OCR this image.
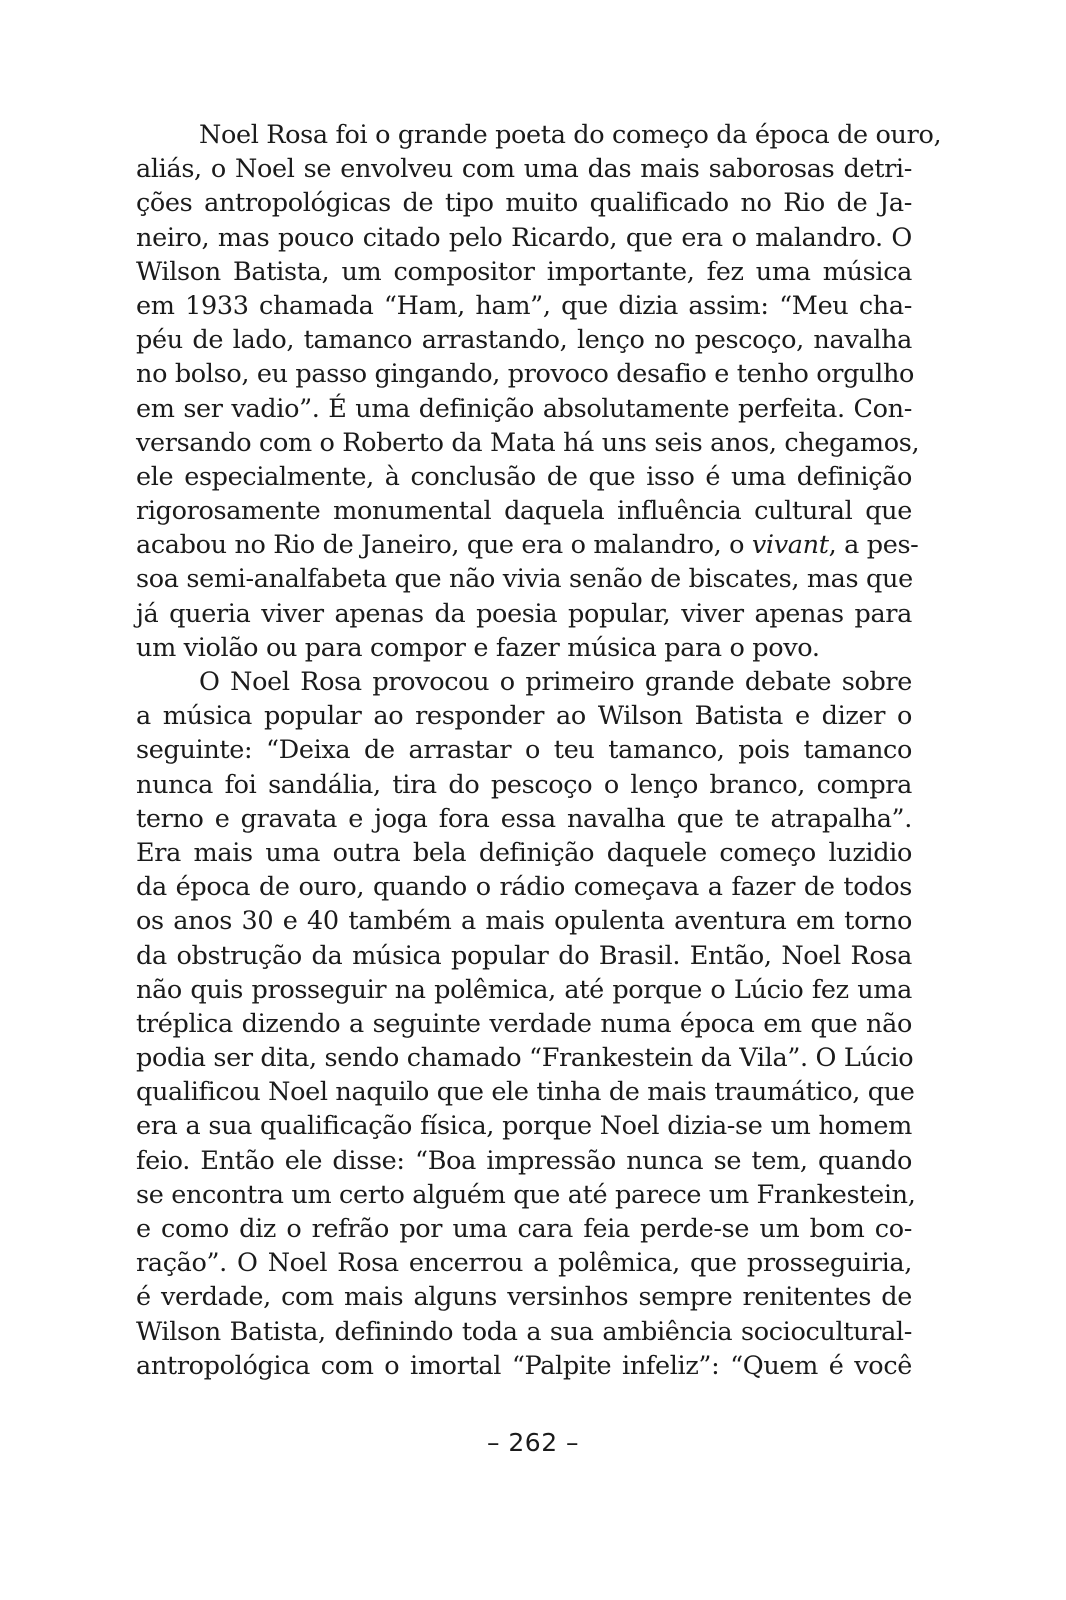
Noel Rosa foi o grande poeta do começo da época de ouro,
aliás, o Noel se envolveu com uma das mais saborosas detri-
ções antropológicas de tipo muito qualificado no Rio de Ja-
neiro, mas pouco citado pelo Ricardo, que era o malandro. O
Wilson Batista, um compositor importante, fez uma música
em 1933 chamada “Ham, ham”, que dizia assim: “Meu cha-
péu de lado, tamanco arrastando, lenço no pescoço, navalha
no bolso, eu passo gingando, provoco desafio e tenho orgulho
em ser vadio”. É uma definição absolutamente perfeita. Con-
versando com o Roberto da Mata há uns seis anos, chegamos,
ele especialmente, à conclusão de que isso é uma definição
rigorosamente monumental daquela influência cultural que
acabou no Rio de Janeiro, que era o malandro, o vivant, a pes-
soa semi-analfabeta que não vivia senão de biscates, mas que
já queria viver apenas da poesia popular, viver apenas para
um violão ou para compor e fazer música para o povo.
O Noel Rosa provocou o primeiro grande debate sobre
a música popular ao responder ao Wilson Batista e dizer o
seguinte: “Deixa de arrastar o teu tamanco, pois tamanco
nunca foi sandália, tira do pescoço o lenço branco, compra
terno e gravata e joga fora essa navalha que te atrapalha”.
Era mais uma outra bela definição daquele começo luzidio
da época de ouro, quando o rádio começava a fazer de todos
os anos 30 e 40 também a mais opulenta aventura em torno
da obstrução da música popular do Brasil. Então, Noel Rosa
não quis prosseguir na polêmica, até porque o Lúcio fez uma
tréplica dizendo a seguinte verdade numa época em que não
podia ser dita, sendo chamado “Frankestein da Vila”. O Lúcio
qualificou Noel naquilo que ele tinha de mais traumático, que
era a sua qualificação física, porque Noel dizia-se um homem
feio. Então ele disse: “Boa impressão nunca se tem, quando
se encontra um certo alguém que até parece um Frankestein,
e como diz o refrão por uma cara feia perde-se um bom co-
ração”. O Noel Rosa encerrou a polêmica, que prosseguiria,
é verdade, com mais alguns versinhos sempre renitentes de
Wilson Batista, definindo toda a sua ambiência sociocultural-
antropológica com o imortal “Palpite infeliz”: “Quem é você
– 262 –
